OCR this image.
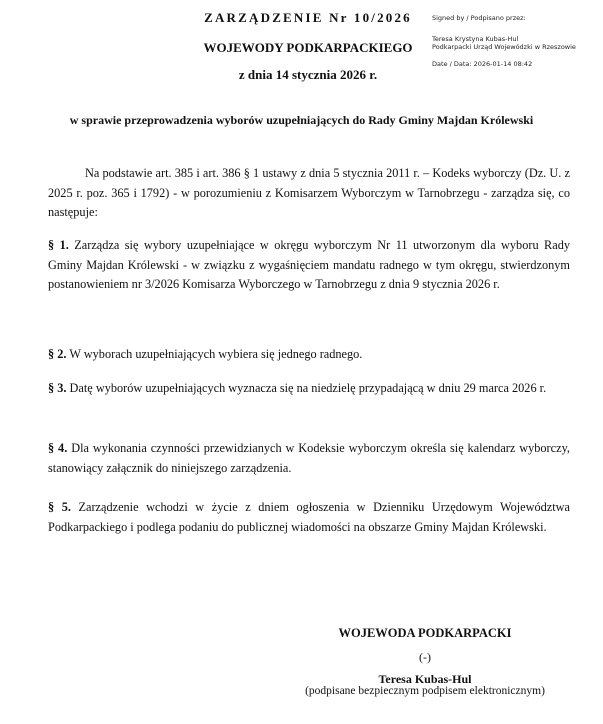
ZARZĄDZENIE Nr 10/2026
WOJEWODY PODKARPACKIEGO
z dnia 14 stycznia 2026 r.
Signed by / Podpisano przez:
Teresa Krystyna Kubas-Hul
Podkarpacki Urząd Wojewódzki w Rzeszowie
Date / Data: 2026-01-14 08:42
w sprawie przeprowadzenia wyborów uzupełniających do Rady Gminy Majdan Królewski
Na podstawie art. 385 i art. 386 § 1 ustawy z dnia 5 stycznia 2011 r. – Kodeks wyborczy (Dz. U. z 2025 r. poz. 365 i 1792) - w porozumieniu z Komisarzem Wyborczym w Tarnobrzegu - zarządza się, co następuje:
§ 1. Zarządza się wybory uzupełniające w okręgu wyborczym Nr 11 utworzonym dla wyboru Rady Gminy Majdan Królewski - w związku z wygaśnięciem mandatu radnego w tym okręgu, stwierdzonym postanowieniem nr 3/2026 Komisarza Wyborczego w Tarnobrzegu z dnia 9 stycznia 2026 r.
§ 2. W wyborach uzupełniających wybiera się jednego radnego.
§ 3. Datę wyborów uzupełniających wyznacza się na niedzielę przypadającą w dniu 29 marca 2026 r.
§ 4. Dla wykonania czynności przewidzianych w Kodeksie wyborczym określa się kalendarz wyborczy, stanowiący załącznik do niniejszego zarządzenia.
§ 5. Zarządzenie wchodzi w życie z dniem ogłoszenia w Dzienniku Urzędowym Województwa Podkarpackiego i podlega podaniu do publicznej wiadomości na obszarze Gminy Majdan Królewski.
WOJEWODA PODKARPACKI
(-)
Teresa Kubas-Hul
(podpisane bezpiecznym podpisem elektronicznym)
